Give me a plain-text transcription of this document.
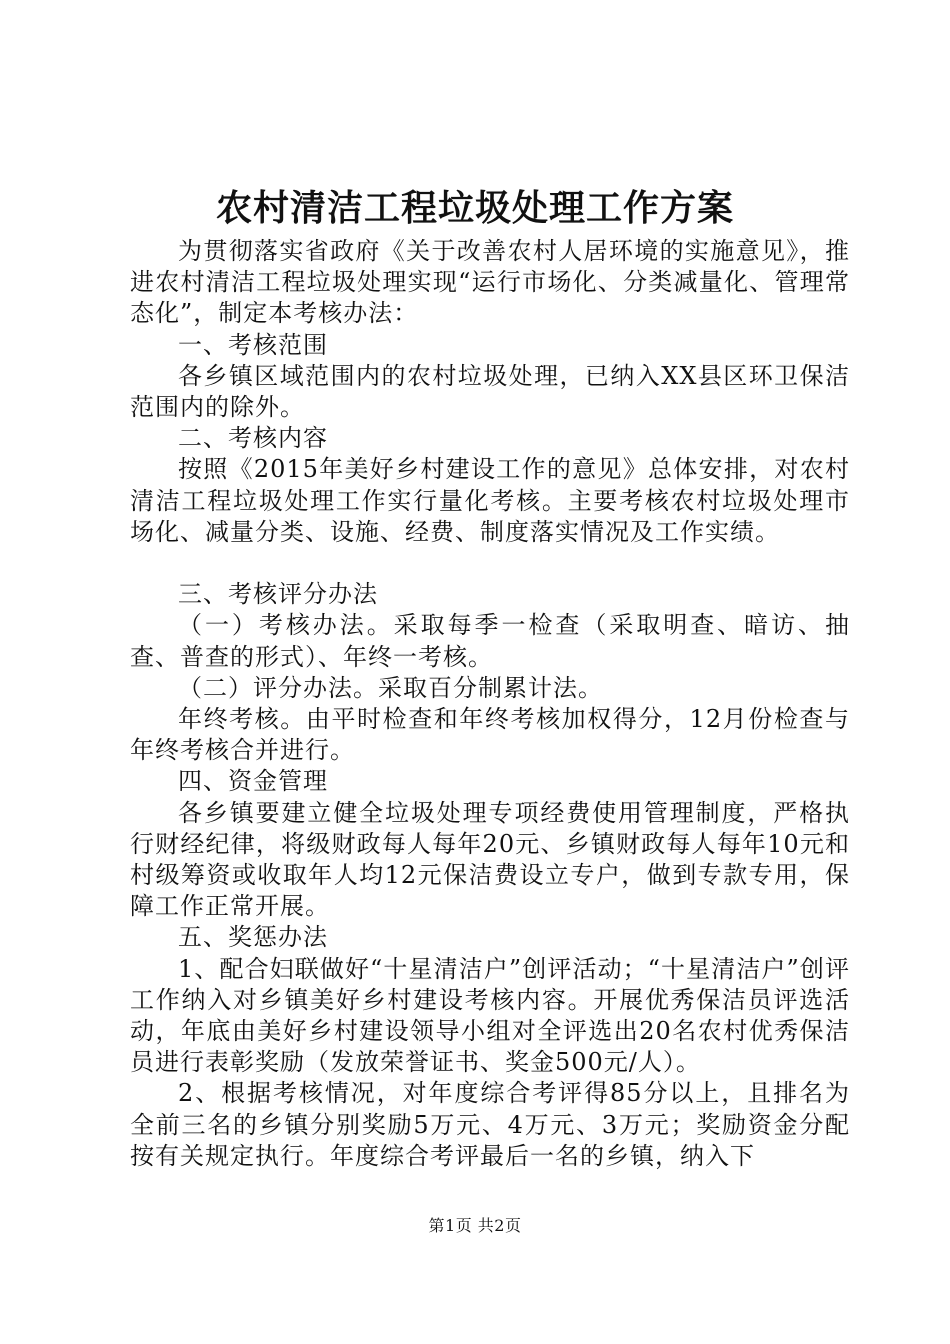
农村清洁工程垃圾处理工作方案

为贯彻落实省政府《关于改善农村人居环境的实施意见》，推进农村清洁工程垃圾处理实现“运行市场化、分类减量化、管理常态化”，制定本考核办法：

一、考核范围

各乡镇区域范围内的农村垃圾处理，已纳入XX县区环卫保洁范围内的除外。

二、考核内容

按照《2015年美好乡村建设工作的意见》总体安排，对农村清洁工程垃圾处理工作实行量化考核。主要考核农村垃圾处理市场化、减量分类、设施、经费、制度落实情况及工作实绩。

三、考核评分办法

（一）考核办法。采取每季一检查（采取明查、暗访、抽查、普查的形式）、年终一考核。

（二）评分办法。采取百分制累计法。

年终考核。由平时检查和年终考核加权得分，12月份检查与年终考核合并进行。

四、资金管理

各乡镇要建立健全垃圾处理专项经费使用管理制度，严格执行财经纪律，将级财政每人每年20元、乡镇财政每人每年10元和村级筹资或收取年人均12元保洁费设立专户，做到专款专用，保障工作正常开展。

五、奖惩办法

1、配合妇联做好“十星清洁户”创评活动；“十星清洁户”创评工作纳入对乡镇美好乡村建设考核内容。开展优秀保洁员评选活动，年底由美好乡村建设领导小组对全评选出20名农村优秀保洁员进行表彰奖励（发放荣誉证书、奖金500元/人）。

2、根据考核情况，对年度综合考评得85分以上，且排名为全前三名的乡镇分别奖励5万元、4万元、3万元；奖励资金分配按有关规定执行。年度综合考评最后一名的乡镇，纳入下

第1页 共2页
